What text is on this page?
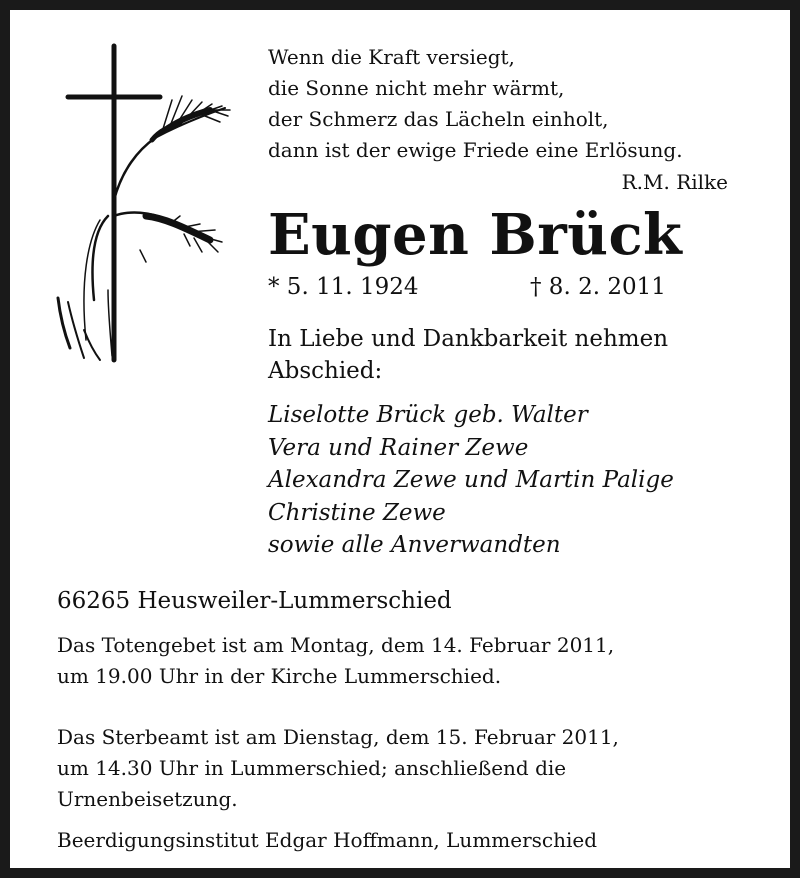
Wenn die Kraft versiegt,
die Sonne nicht mehr wärmt,
der Schmerz das Lächeln einholt,
dann ist der ewige Friede eine Erlösung.
R.M. Rilke
Eugen Brück
* 5. 11. 1924	† 8. 2. 2011
In Liebe und Dankbarkeit nehmen Abschied:
Liselotte Brück geb. Walter
Vera und Rainer Zewe
Alexandra Zewe und Martin Palige
Christine Zewe
sowie alle Anverwandten
66265 Heusweiler-Lummerschied
Das Totengebet ist am Montag, dem 14. Februar 2011,
um 19.00 Uhr in der Kirche Lummerschied.
Das Sterbeamt ist am Dienstag, dem 15. Februar 2011,
um 14.30 Uhr in Lummerschied; anschließend die
Urnenbeisetzung.
Beerdigungsinstitut Edgar Hoffmann, Lummerschied
